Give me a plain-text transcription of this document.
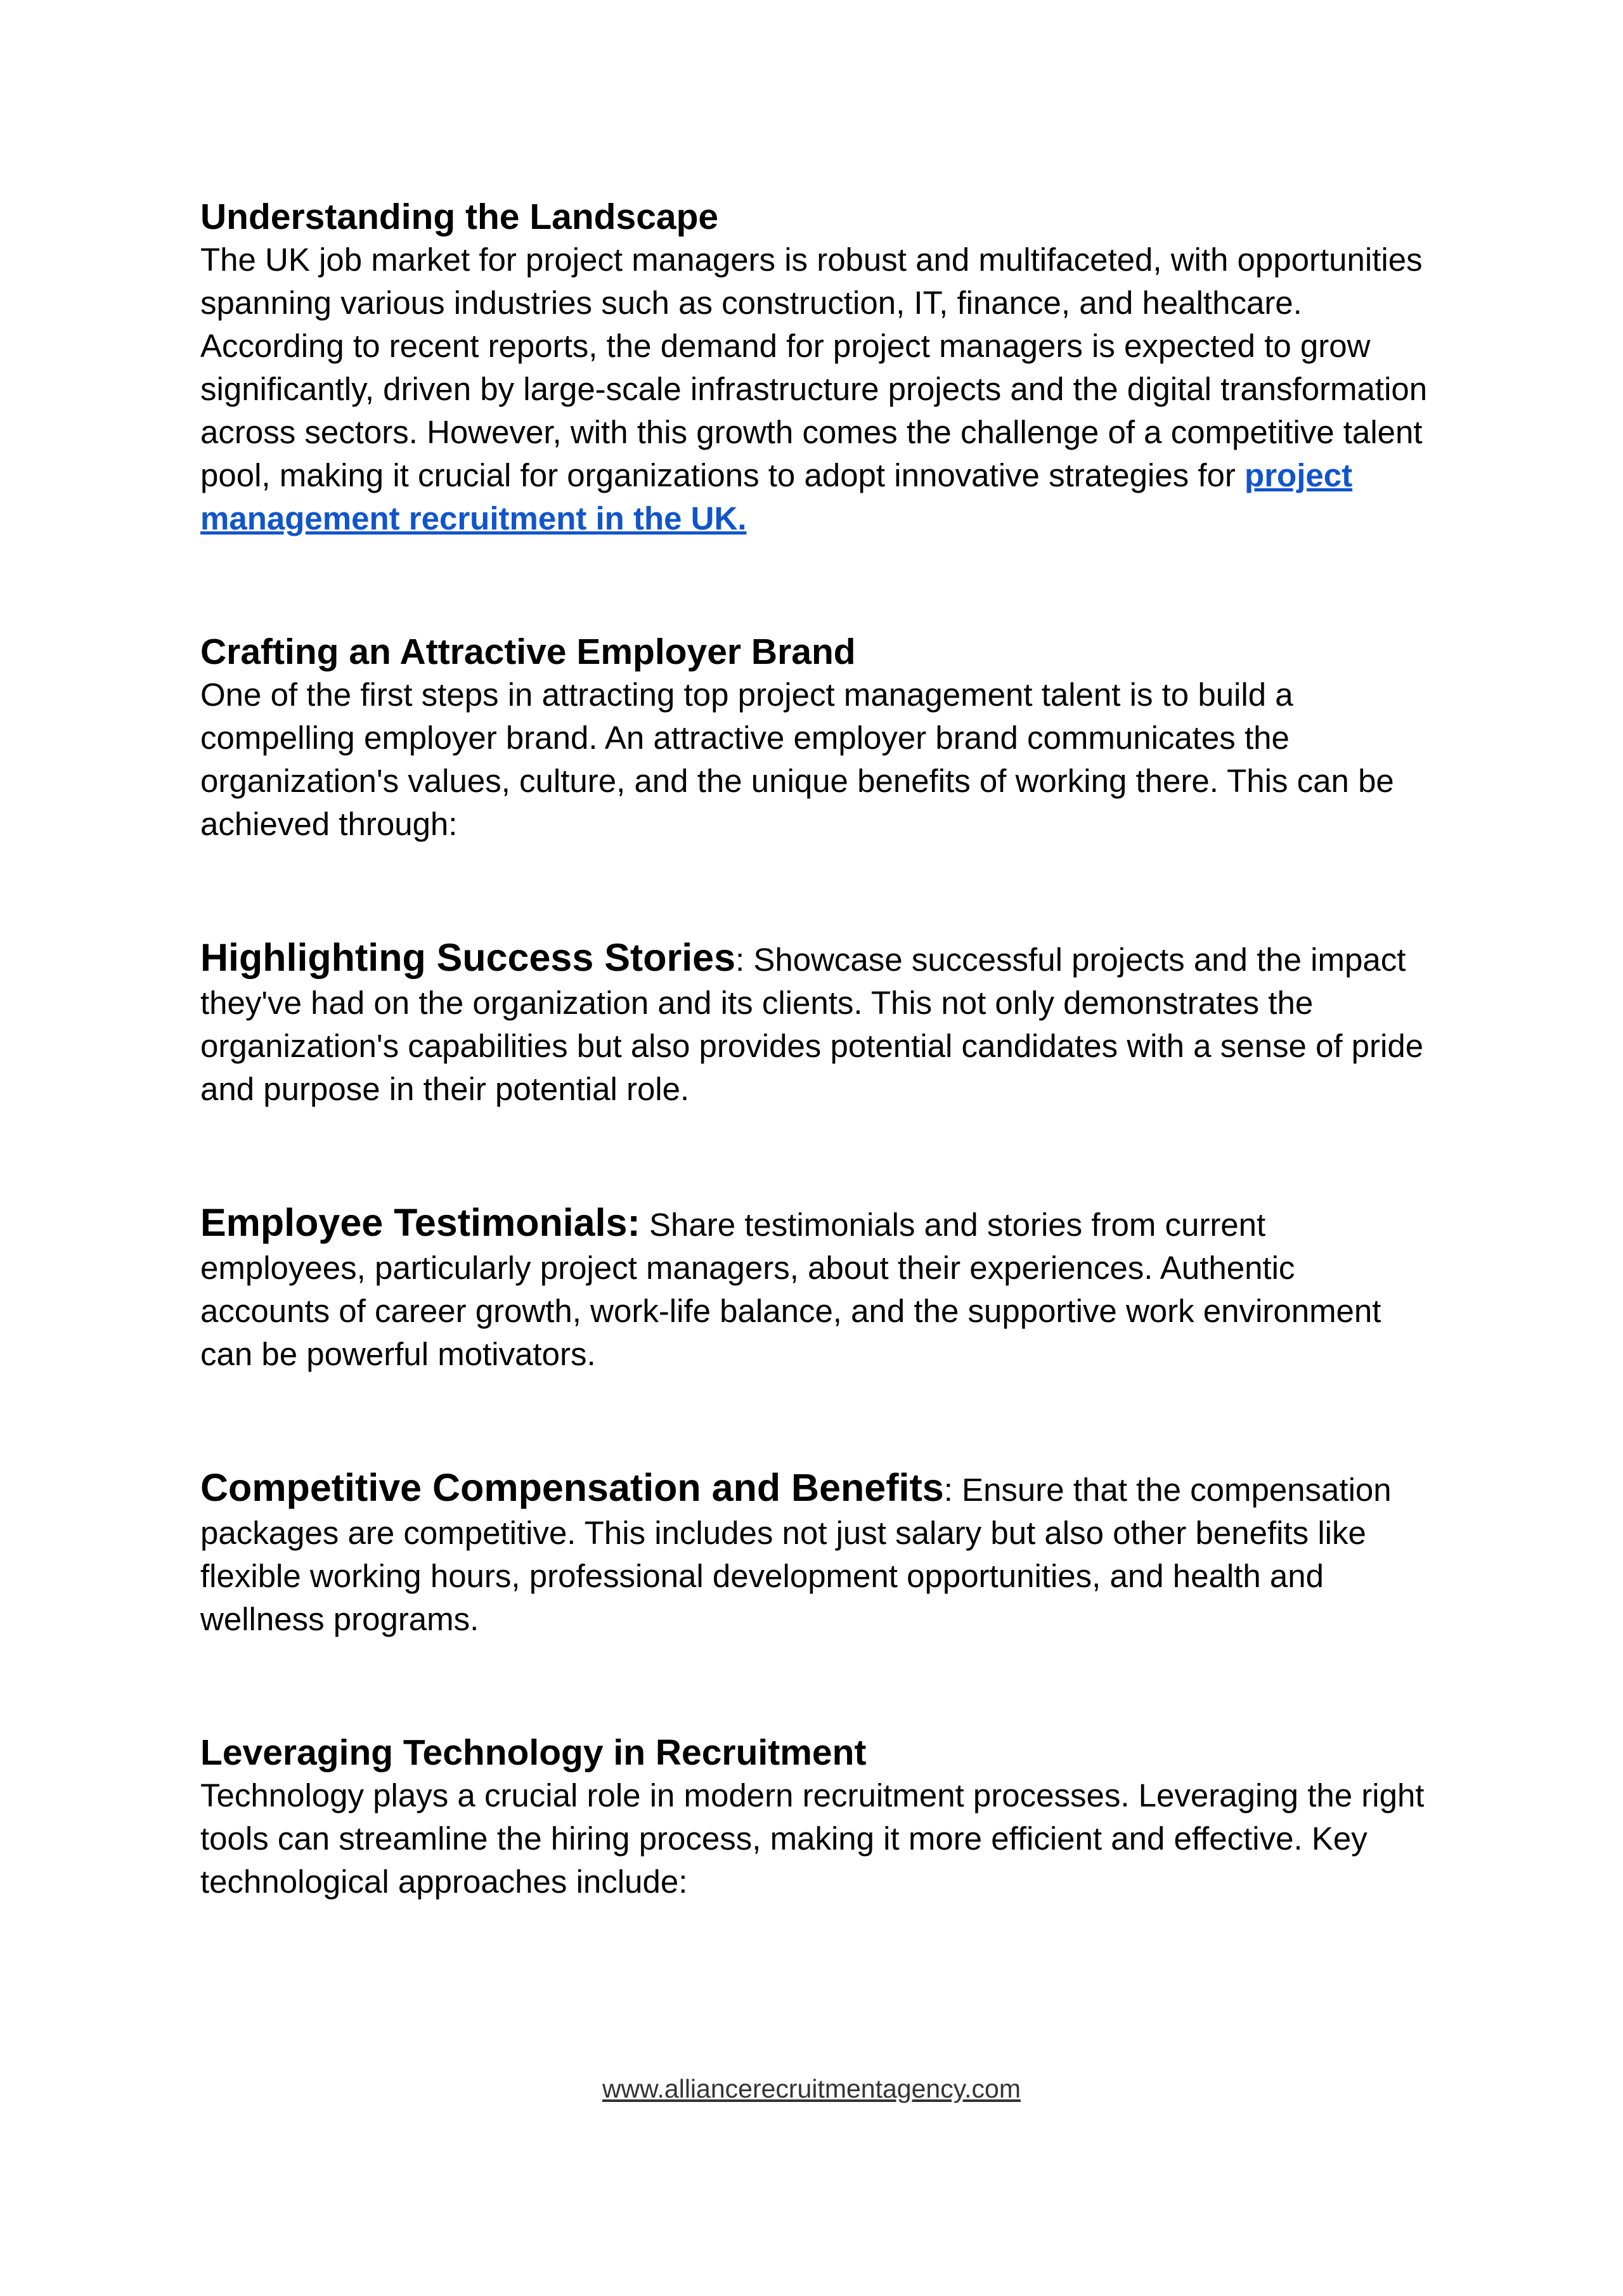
Understanding the Landscape

The UK job market for project managers is robust and multifaceted, with opportunities spanning various industries such as construction, IT, finance, and healthcare. According to recent reports, the demand for project managers is expected to grow significantly, driven by large-scale infrastructure projects and the digital transformation across sectors. However, with this growth comes the challenge of a competitive talent pool, making it crucial for organizations to adopt innovative strategies for project management recruitment in the UK.

Crafting an Attractive Employer Brand

One of the first steps in attracting top project management talent is to build a compelling employer brand. An attractive employer brand communicates the organization's values, culture, and the unique benefits of working there. This can be achieved through:

Highlighting Success Stories: Showcase successful projects and the impact they've had on the organization and its clients. This not only demonstrates the organization's capabilities but also provides potential candidates with a sense of pride and purpose in their potential role.

Employee Testimonials: Share testimonials and stories from current employees, particularly project managers, about their experiences. Authentic accounts of career growth, work-life balance, and the supportive work environment can be powerful motivators.

Competitive Compensation and Benefits: Ensure that the compensation packages are competitive. This includes not just salary but also other benefits like flexible working hours, professional development opportunities, and health and wellness programs.

Leveraging Technology in Recruitment

Technology plays a crucial role in modern recruitment processes. Leveraging the right tools can streamline the hiring process, making it more efficient and effective. Key technological approaches include:

www.alliancerecruitmentagency.com
